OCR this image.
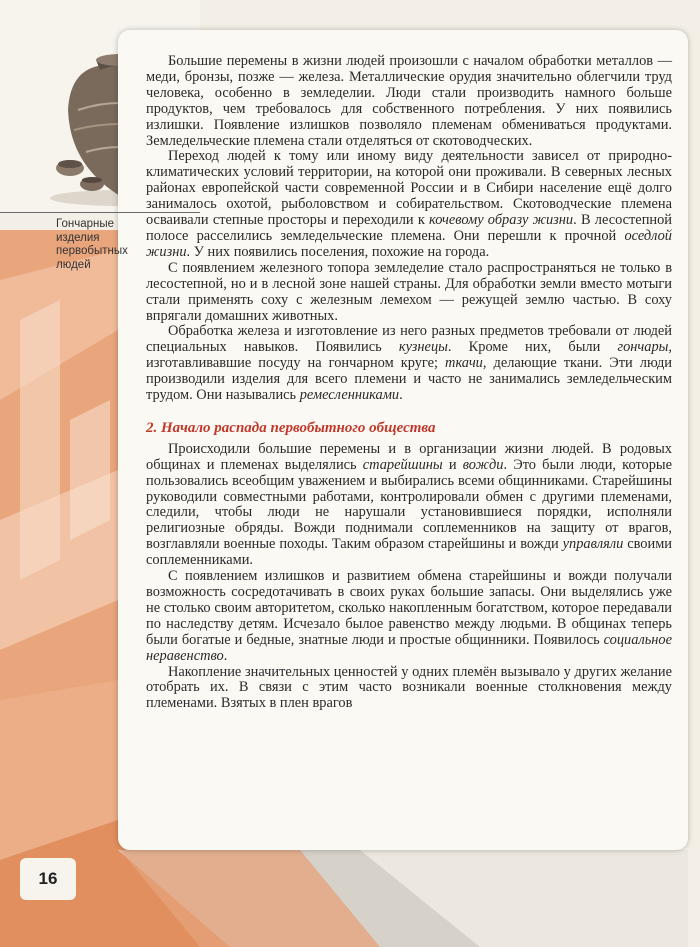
Гончарные
изделия
первобытных
людей

Большие перемены в жизни людей произошли с началом обработки металлов — меди, бронзы, позже — железа. Металлические орудия значительно облегчили труд человека, особенно в земледелии. Люди стали производить намного больше продуктов, чем требовалось для собственного потребления. У них появились излишки. Появление излишков позволяло племенам обмениваться продуктами. Земледельческие племена стали отделяться от скотоводческих.

Переход людей к тому или иному виду деятельности зависел от природно-климатических условий территории, на которой они проживали. В северных лесных районах европейской части современной России и в Сибири население ещё долго занималось охотой, рыболовством и собирательством. Скотоводческие племена осваивали степные просторы и переходили к кочевому образу жизни. В лесостепной полосе расселились земледельческие племена. Они перешли к прочной оседлой жизни. У них появились поселения, похожие на города.

С появлением железного топора земледелие стало распространяться не только в лесостепной, но и в лесной зоне нашей страны. Для обработки земли вместо мотыги стали применять соху с железным лемехом — режущей землю частью. В соху впрягали домашних животных.

Обработка железа и изготовление из него разных предметов требовали от людей специальных навыков. Появились кузнецы. Кроме них, были гончары, изготавливавшие посуду на гончарном круге; ткачи, делающие ткани. Эти люди производили изделия для всего племени и часто не занимались земледельческим трудом. Они назывались ремесленниками.

2. Начало распада первобытного общества

Происходили большие перемены и в организации жизни людей. В родовых общинах и племенах выделялись старейшины и вожди. Это были люди, которые пользовались всеобщим уважением и выбирались всеми общинниками. Старейшины руководили совместными работами, контролировали обмен с другими племенами, следили, чтобы люди не нарушали установившиеся порядки, исполняли религиозные обряды. Вожди поднимали соплеменников на защиту от врагов, возглавляли военные походы. Таким образом старейшины и вожди управляли своими соплеменниками.

С появлением излишков и развитием обмена старейшины и вожди получали возможность сосредотачивать в своих руках большие запасы. Они выделялись уже не столько своим авторитетом, сколько накопленным богатством, которое передавали по наследству детям. Исчезало былое равенство между людьми. В общинах теперь были богатые и бедные, знатные люди и простые общинники. Появилось социальное неравенство.

Накопление значительных ценностей у одних племён вызывало у других желание отобрать их. В связи с этим часто возникали военные столкновения между племенами. Взятых в плен врагов

16
